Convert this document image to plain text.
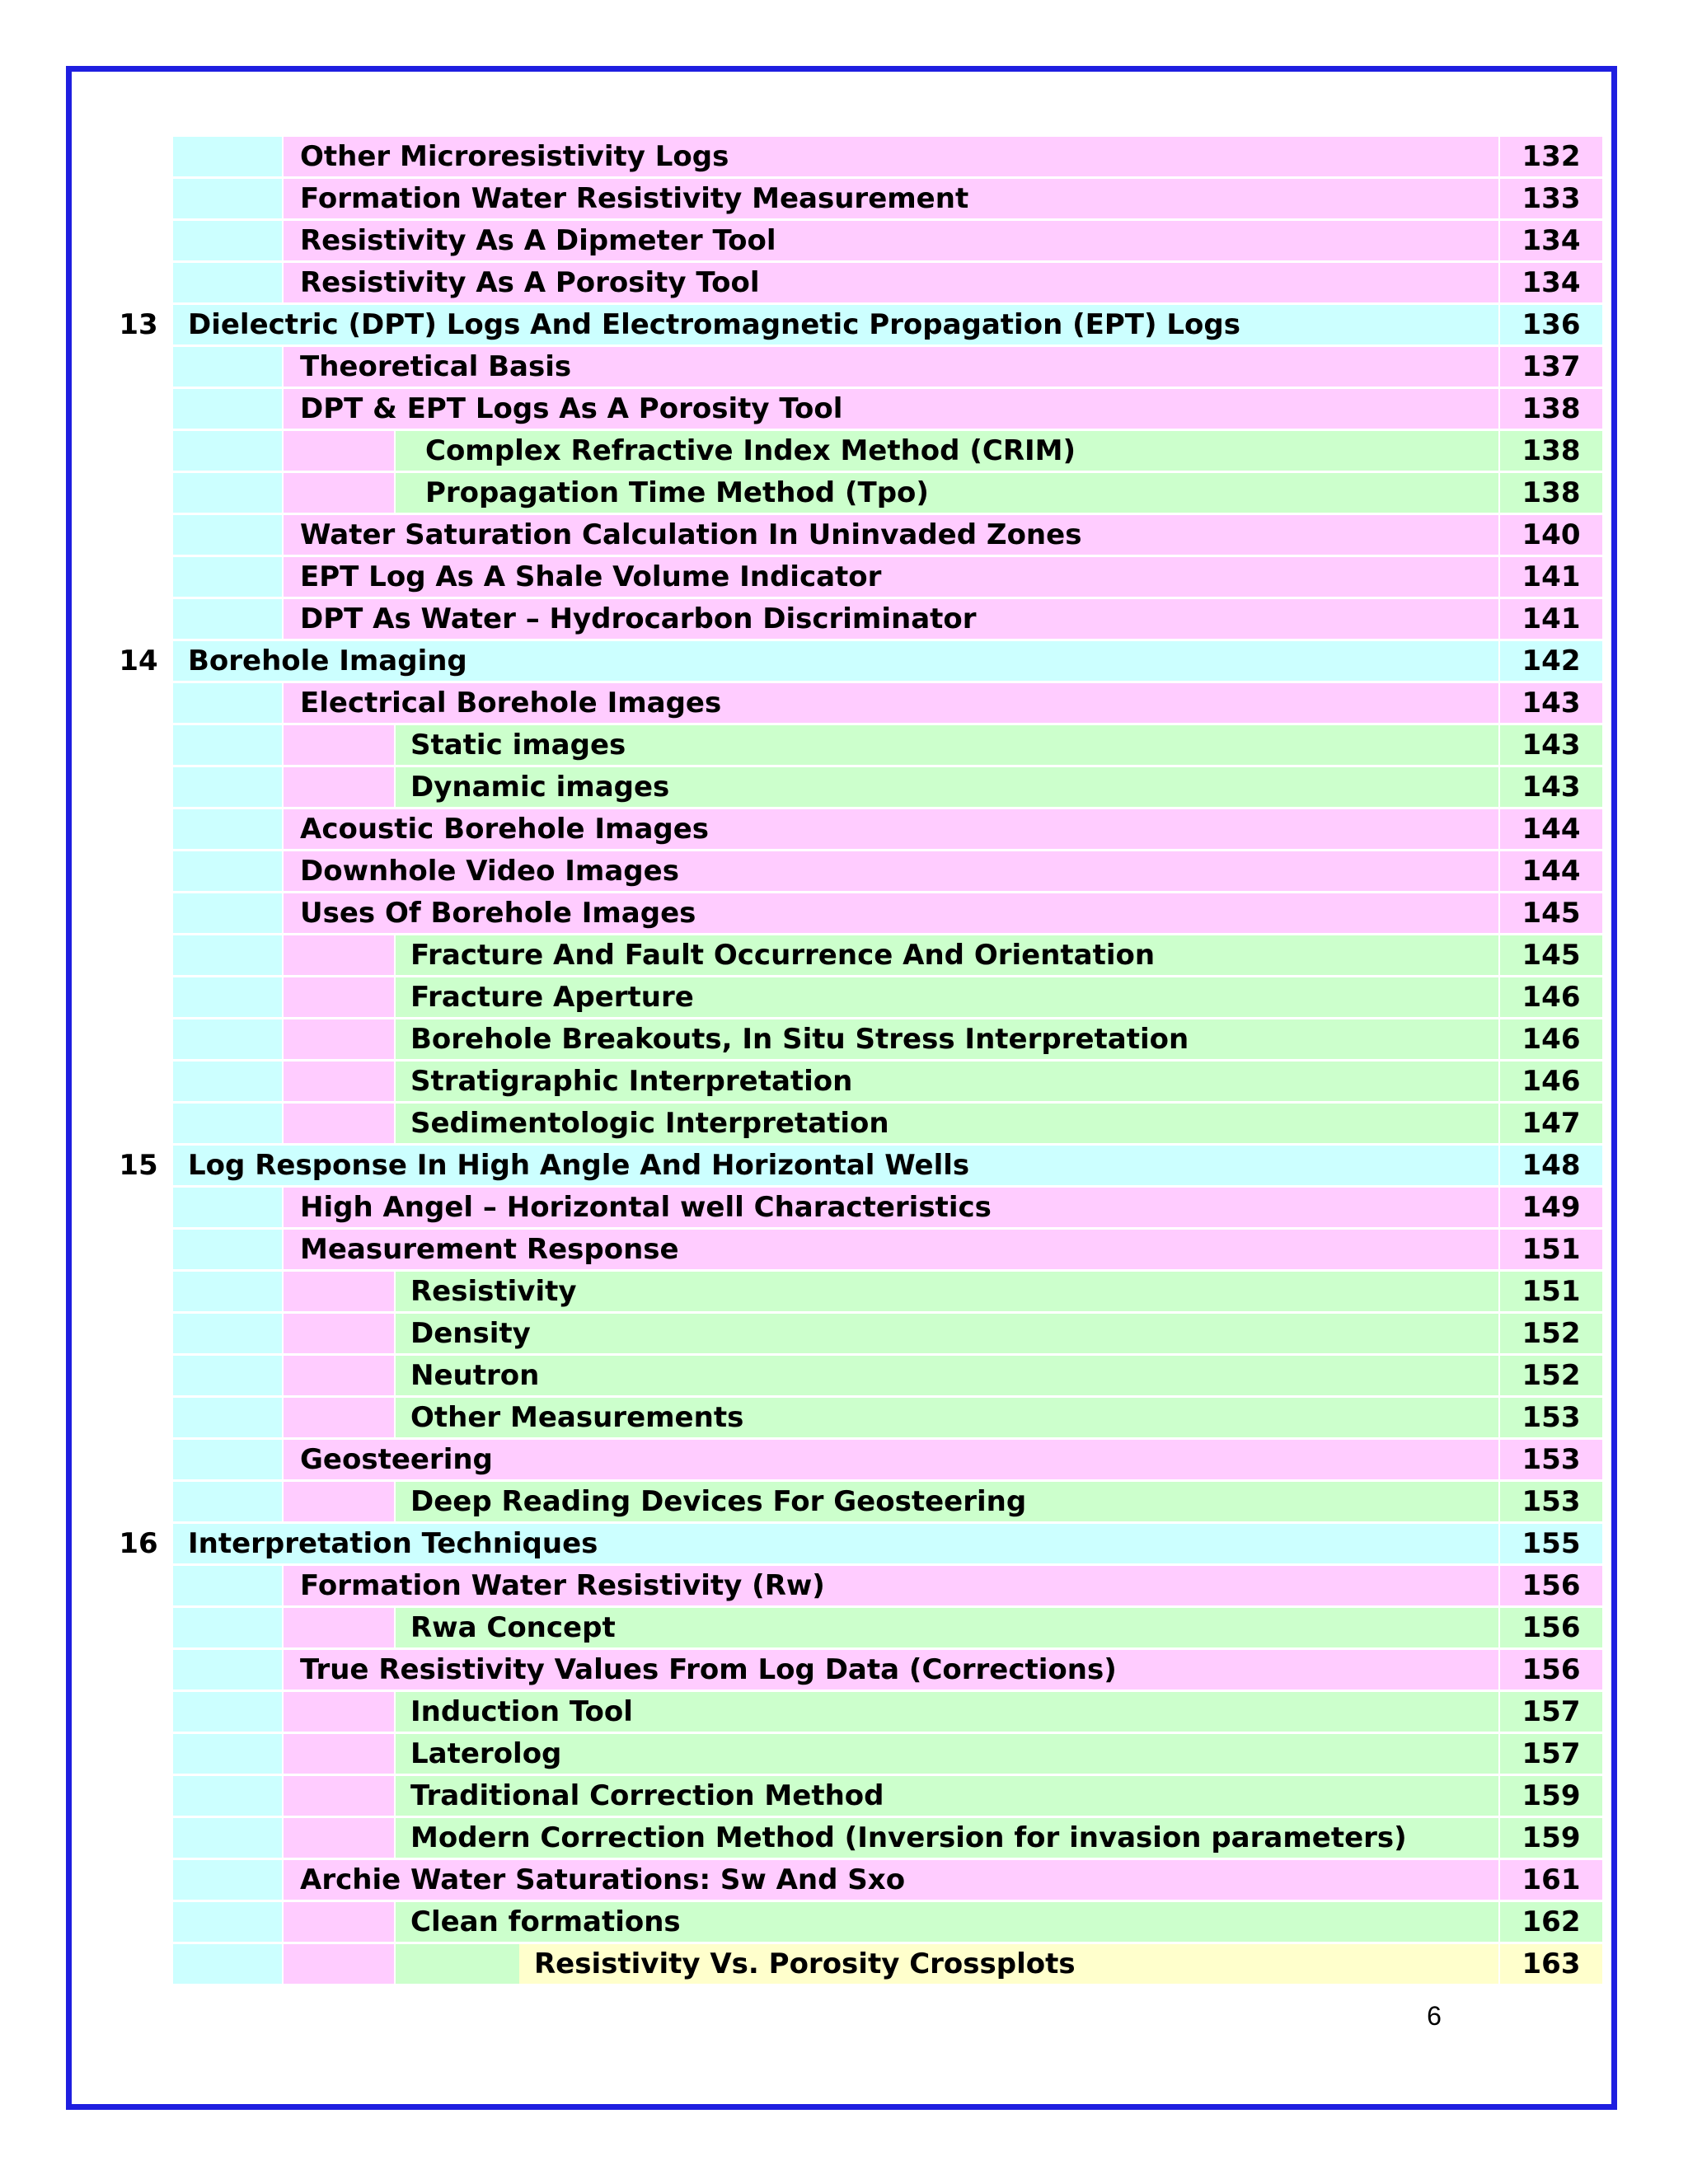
Other Microresistivity Logs	132
Formation Water Resistivity Measurement	133
Resistivity As A Dipmeter Tool	134
Resistivity As A Porosity Tool	134
13	Dielectric (DPT) Logs And Electromagnetic Propagation (EPT) Logs	136
Theoretical Basis	137
DPT & EPT Logs As A Porosity Tool	138
Complex Refractive Index Method (CRIM)	138
Propagation Time Method (Tpo)	138
Water Saturation Calculation In Uninvaded Zones	140
EPT Log As A Shale Volume Indicator	141
DPT As Water – Hydrocarbon Discriminator	141
14	Borehole Imaging	142
Electrical Borehole Images	143
Static images	143
Dynamic images	143
Acoustic Borehole Images	144
Downhole Video Images	144
Uses Of Borehole Images	145
Fracture And Fault Occurrence And Orientation	145
Fracture Aperture	146
Borehole Breakouts, In Situ Stress Interpretation	146
Stratigraphic Interpretation	146
Sedimentologic Interpretation	147
15	Log Response In High Angle And Horizontal Wells	148
High Angel – Horizontal well Characteristics	149
Measurement Response	151
Resistivity	151
Density	152
Neutron	152
Other Measurements	153
Geosteering	153
Deep Reading Devices For Geosteering	153
16	Interpretation Techniques	155
Formation Water Resistivity (Rw)	156
Rwa Concept	156
True Resistivity Values From Log Data (Corrections)	156
Induction Tool	157
Laterolog	157
Traditional Correction Method	159
Modern Correction Method (Inversion for invasion parameters)	159
Archie Water Saturations: Sw And Sxo	161
Clean formations	162
Resistivity Vs. Porosity Crossplots	163
6
